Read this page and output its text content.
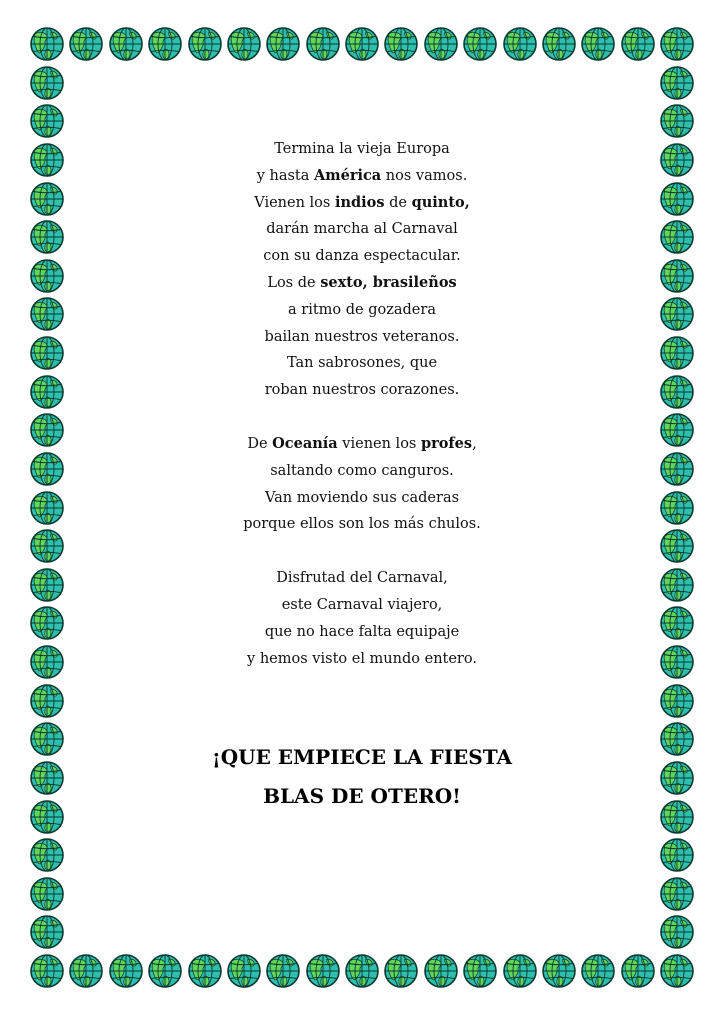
Termina la vieja Europa
y hasta América nos vamos.
Vienen los indios de quinto,
darán marcha al Carnaval
con su danza espectacular.
Los de sexto, brasileños
a ritmo de gozadera
bailan nuestros veteranos.
Tan sabrosones, que
roban nuestros corazones.
De Oceanía vienen los profes,
saltando como canguros.
Van moviendo sus caderas
porque ellos son los más chulos.
Disfrutad del Carnaval,
este Carnaval viajero,
que no hace falta equipaje
y hemos visto el mundo entero.
¡QUE EMPIECE LA FIESTA
BLAS DE OTERO!
